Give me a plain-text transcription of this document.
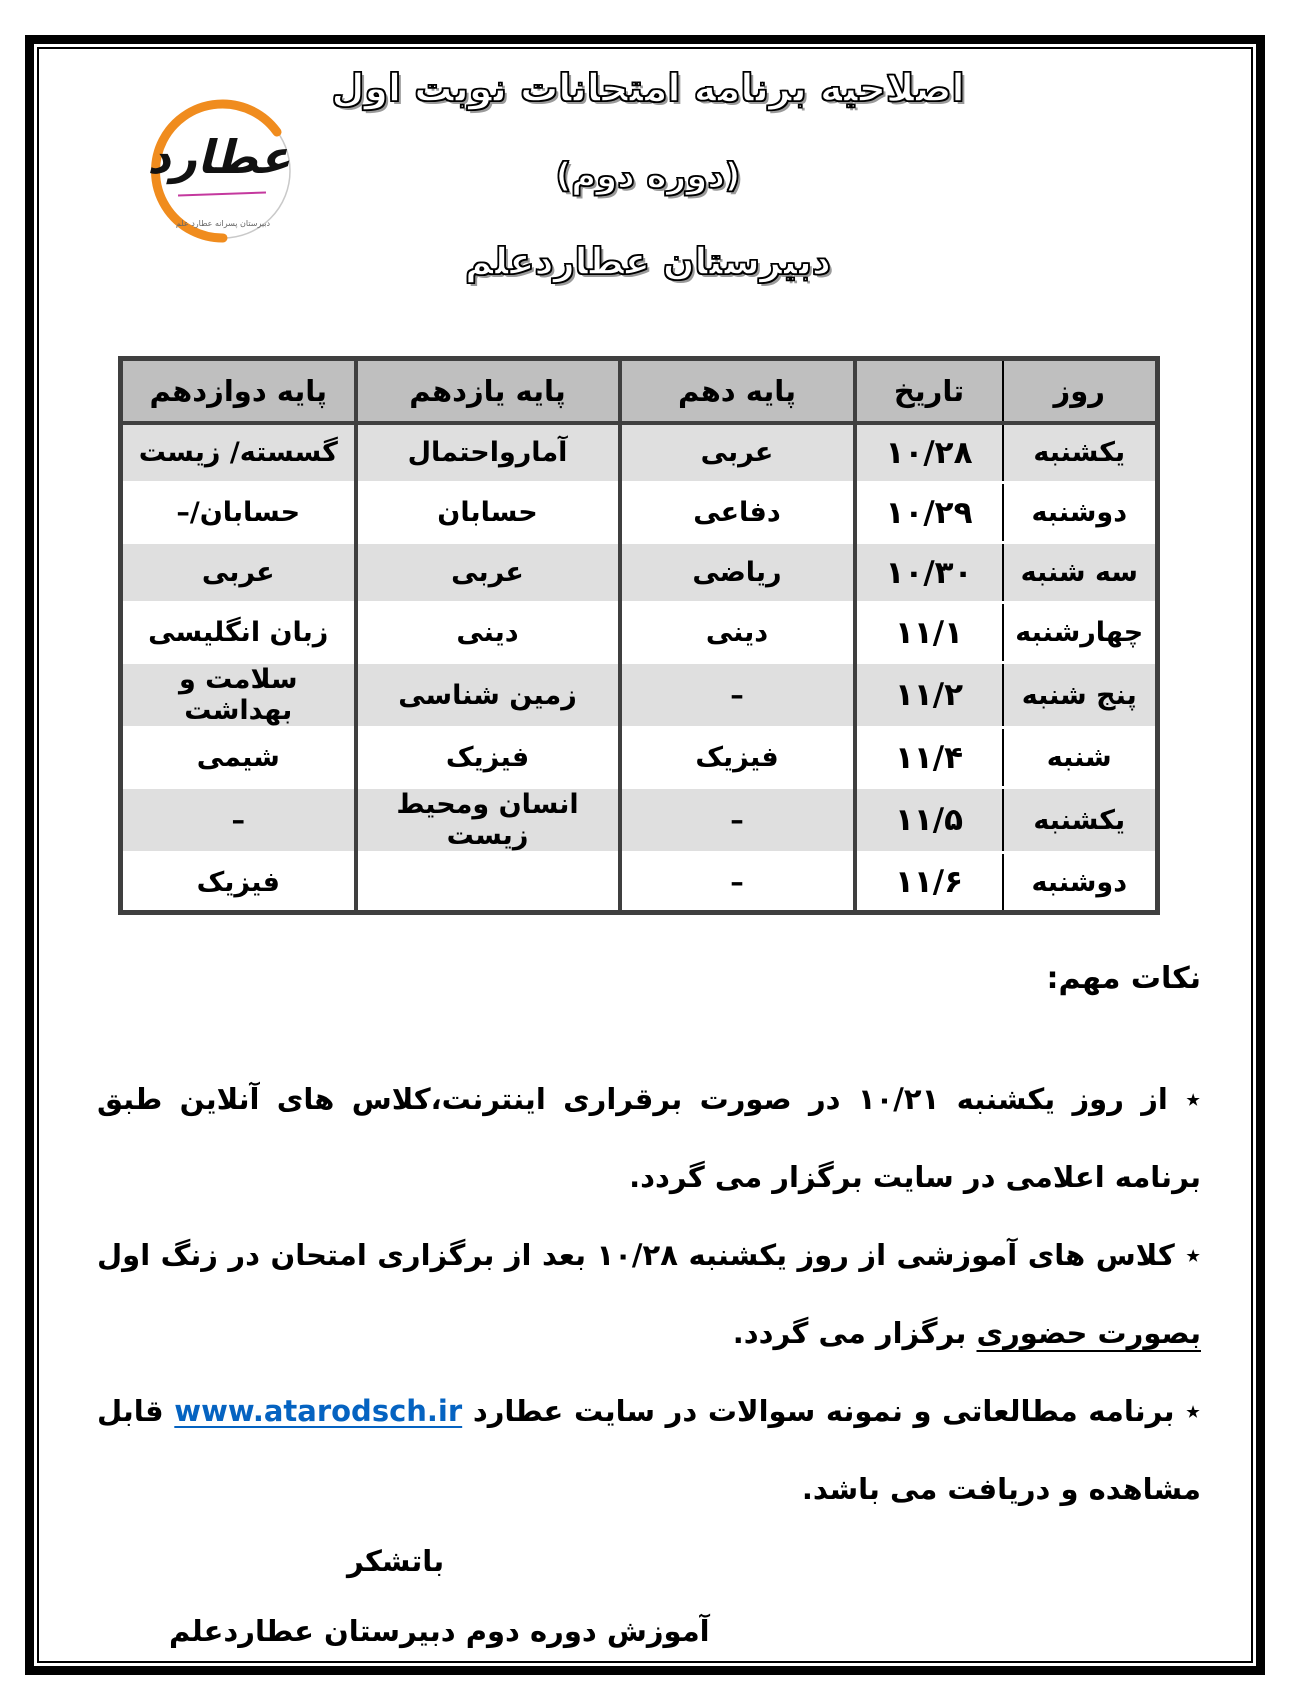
عطارد
دبیرستان پسرانه عطارد علم
اصلاحیه برنامه امتحانات نوبت اول
(دوره دوم)
دبیرستان عطاردعلم
روز	تاریخ	پایه دهم	پایه یازدهم	پایه دوازدهم
یکشنبه	۱۰/۲۸	عربی	آمارواحتمال	گسسته/ زیست
دوشنبه	۱۰/۲۹	دفاعی	حسابان	حسابان/–
سه شنبه	۱۰/۳۰	ریاضی	عربی	عربی
چهارشنبه	۱۱/۱	دینی	دینی	زبان انگلیسی
پنج شنبه	۱۱/۲	–	زمین شناسی	سلامت و بهداشت
شنبه	۱۱/۴	فیزیک	فیزیک	شیمی
یکشنبه	۱۱/۵	–	انسان ومحیط زیست	–
دوشنبه	۱۱/۶	–		فیزیک
نکات مهم:

٭ از روز یکشنبه ۱۰/۲۱ در صورت برقراری اینترنت،کلاس های آنلاین طبق برنامه اعلامی در سایت برگزار می گردد.

٭ کلاس های آموزشی از روز یکشنبه ۱۰/۲۸ بعد از برگزاری امتحان در زنگ اول بصورت حضوری برگزار می گردد.

٭ برنامه مطالعاتی و نمونه سوالات در سایت عطارد www.atarodsch.ir قابل مشاهده و دریافت می باشد.

باتشکر
آموزش دوره دوم دبیرستان عطاردعلم
